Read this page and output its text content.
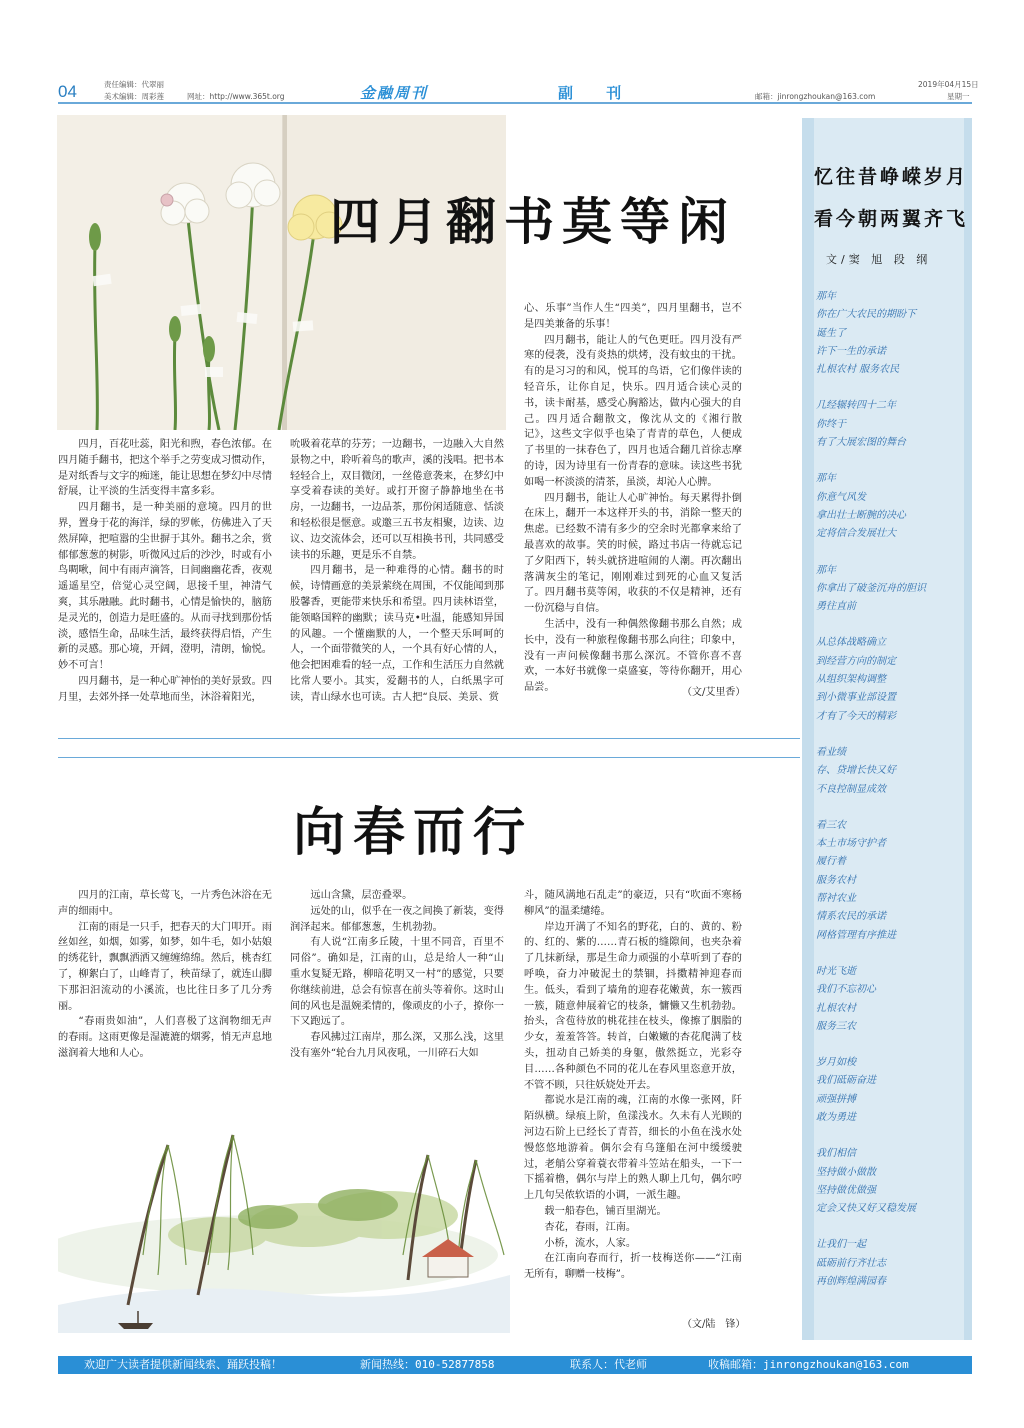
04	责任编辑：代翠丽
美术编辑：周彩莲	网址：http://www.365t.org	金融周刊	副 刊	邮箱：jinrongzhoukan@163.com
2019年04月15日
星期一
四月翻书莫等闲

四月，百花吐蕊，阳光和煦，春色浓郁。在四月随手翻书，把这个举手之劳变成习惯动作，是对纸香与文字的痴迷，能让思想在梦幻中尽情舒展，让平淡的生活变得丰富多彩。

四月翻书，是一种美丽的意境。四月的世界，置身于花的海洋，绿的罗帐，仿佛进入了天然屏障，把喧嚣的尘世摒于其外。翻书之余，赏郁郁葱葱的树影，听微风过后的沙沙，时或有小鸟啁啾，间中有雨声滴答，日间幽幽花香，夜观遥遥星空，倍觉心灵空阔，思接千里，神清气爽，其乐融融。此时翻书，心情是愉快的，脑筋是灵光的，创造力是旺盛的。从而寻找到那份恬淡，感悟生命，品味生活，最终获得启悟，产生新的灵感。那心境，开阔，澄明，清朗，愉悦。妙不可言！

四月翻书，是一种心旷神怡的美好景致。四月里，去郊外择一处草地而坐，沐浴着阳光，

吮吸着花草的芬芳；一边翻书，一边融入大自然景物之中，聆听着鸟的歌声，溪的浅唱。把书本轻轻合上，双目微闭，一丝倦意袭来，在梦幻中享受着春读的美好。或打开窗子静静地坐在书房，一边翻书，一边品茶，那份闲适随意、恬淡和轻松很是惬意。或邀三五书友相聚，边读、边议、边交流体会，还可以互相换书刊，共同感受读书的乐趣，更是乐不自禁。

四月翻书，是一种难得的心情。翻书的时候，诗情画意的美景萦绕在周围，不仅能闻到那股馨香，更能带来快乐和希望。四月读林语堂，能领略国粹的幽默；读马克•吐温，能感知异国的风趣。一个懂幽默的人，一个整天乐呵呵的人，一个面带微笑的人，一个具有好心情的人，他会把困难看的轻一点，工作和生活压力自然就比常人要小。其实，爱翻书的人，白纸黑字可读，青山绿水也可读。古人把“良辰、美景、赏

心、乐事”当作人生“四美”，四月里翻书，岂不是四美兼备的乐事！

四月翻书，能让人的气色更旺。四月没有严寒的侵袭，没有炎热的烘烤，没有蚊虫的干扰。有的是习习的和风，悦耳的鸟语，它们像伴读的轻音乐，让你自足，快乐。四月适合读心灵的书，读卡耐基，感受心胸豁达，做内心强大的自己。四月适合翻散文，像沈从文的《湘行散记》，这些文字似乎也染了青青的草色，人便成了书里的一抹春色了，四月也适合翻几首徐志摩的诗，因为诗里有一份青春的意味。读这些书犹如喝一杯淡淡的清茶，虽淡，却沁人心脾。

四月翻书，能让人心旷神怡。每天累得扑倒在床上，翻开一本这样开头的书，消除一整天的焦虑。已经数不清有多少的空余时光都拿来给了最喜欢的故事。笑的时候，路过书店一待就忘记了夕阳西下，转头就挤进喧闹的人潮。再次翻出落满灰尘的笔记，刚刚难过到死的心血又复活了。四月翻书莫等闲，收获的不仅是精神，还有一份沉稳与自信。

生活中，没有一种偶然像翻书那么自然；成长中，没有一种旅程像翻书那么向往；印象中，没有一声问候像翻书那么深沉。不管你喜不喜欢，一本好书就像一桌盛宴，等待你翻开，用心品尝。	（文/艾里香）
向春而行

四月的江南，草长莺飞，一片秀色沐浴在无声的细雨中。

江南的雨是一只手，把春天的大门叩开。雨丝如丝，如烟，如雾，如梦，如牛毛，如小姑娘的绣花针，飘飘洒洒又缠缠绵绵。然后，桃杏红了，柳絮白了，山峰青了，秧苗绿了，就连山脚下那汩汩流动的小溪流，也比往日多了几分秀丽。

“春雨贵如油”，人们喜极了这润物细无声的春雨。这雨更像是湿漉漉的烟雾，悄无声息地滋润着大地和人心。

远山含黛，层峦叠翠。

远处的山，似乎在一夜之间换了新装，变得润泽起来。郁郁葱葱，生机勃勃。

有人说“江南多丘陵，十里不同音，百里不同俗”。确如是，江南的山，总是给人一种“山重水复疑无路，柳暗花明又一村”的感觉，只要你继续前进，总会有惊喜在前头等着你。这时山间的风也是温婉柔情的，像顽皮的小子，撩你一下又跑远了。

春风拂过江南岸，那么深，又那么浅，这里没有塞外“轮台九月风夜吼，一川碎石大如

斗，随风满地石乱走”的豪迈，只有“吹面不寒杨柳风”的温柔缱绻。

岸边开满了不知名的野花，白的、黄的、粉的、红的、紫的……青石板的缝隙间，也夹杂着了几抹新绿，那是生命力顽强的小草听到了春的呼唤，奋力冲破泥土的禁锢，抖擞精神迎春而生。低头，看到了墙角的迎春花嫩黄，东一簇西一簇，随意伸展着它的枝条，慵懒又生机勃勃。抬头，含苞待放的桃花挂在枝头，像擦了胭脂的少女，羞羞答答。转首，白嫩嫩的杏花爬满了枝头，扭动自己娇美的身躯，傲然挺立，光彩夺目……各种颜色不同的花儿在春风里恣意开放，不管不顾，只往妖娆处开去。

都说水是江南的魂，江南的水像一张网，阡陌纵横。绿痕上阶，鱼漾浅水。久未有人光顾的河边石阶上已经长了青苔，细长的小鱼在浅水处慢悠悠地游着。偶尔会有乌篷船在河中缓缓驶过，老艄公穿着蓑衣带着斗笠站在船头，一下一下摇着橹，偶尔与岸上的熟人聊上几句，偶尔哼上几句吴侬软语的小调，一派生趣。

载一船春色，铺百里湖光。

杏花，春雨，江南。

小桥，流水，人家。

在江南向春而行，折一枝梅送你——“江南无所有，聊赠一枝梅”。

（文/陆　锋）
忆往昔峥嵘岁月
看今朝两翼齐飞
文/窦 旭 段 纲
那年
你在广大农民的期盼下
诞生了
许下一生的承诺
扎根农村 服务农民
几经辗转四十二年
你终于
有了大展宏图的舞台
那年
你意气风发
拿出壮士断腕的决心
定将信合发展壮大
那年
你拿出了破釜沉舟的胆识
勇往直前
从总体战略确立
到经营方向的制定
从组织架构调整
到小微事业部设置
才有了今天的精彩
看业绩
存、贷增长快又好
不良控制显成效
看三农
本土市场守护者
履行着
服务农村
帮衬农业
情系农民的承诺
网格管理有序推进
时光飞逝
我们不忘初心
扎根农村
服务三农
岁月如梭
我们砥砺奋进
顽强拼搏
敢为勇进
我们相信
坚持做小做散
坚持做优做强
定会又快又好又稳发展
让我们一起
砥砺前行齐壮志
再创辉煌满园春
欢迎广大读者提供新闻线索、踊跃投稿！	新闻热线：010-52877858	联系人：代老师	收稿邮箱：jinrongzhoukan@163.com
